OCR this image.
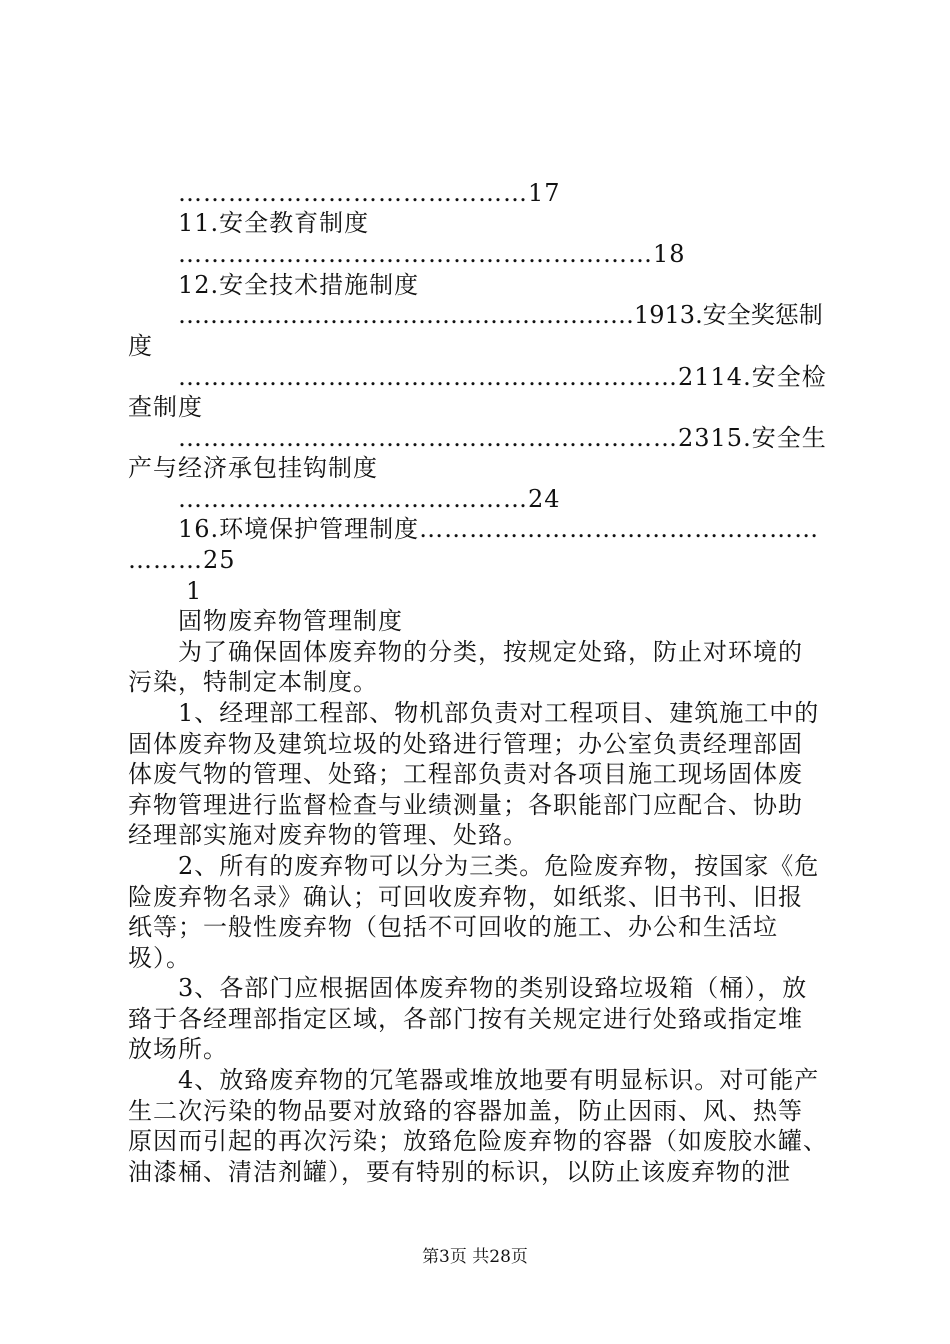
……………………………………17
11.安全教育制度
…………………………………………………18
12.安全技术措施制度
…………………………………………………1913.安全奖惩制
度
……………………………………………………2114.安全检
查制度
……………………………………………………2315.安全生
产与经济承包挂钩制度
……………………………………24
16.环境保护管理制度…………………………………………
………25
1
固物废弃物管理制度
为了确保固体废弃物的分类，按规定处臵，防止对环境的
污染，特制定本制度。
1、经理部工程部、物机部负责对工程项目、建筑施工中的
固体废弃物及建筑垃圾的处臵进行管理；办公室负责经理部固
体废气物的管理、处臵；工程部负责对各项目施工现场固体废
弃物管理进行监督检查与业绩测量；各职能部门应配合、协助
经理部实施对废弃物的管理、处臵。
2、所有的废弃物可以分为三类。危险废弃物，按国家《危
险废弃物名录》确认；可回收废弃物，如纸浆、旧书刊、旧报
纸等；一般性废弃物（包括不可回收的施工、办公和生活垃
圾）。
3、各部门应根据固体废弃物的类别设臵垃圾箱（桶），放
臵于各经理部指定区域，各部门按有关规定进行处臵或指定堆
放场所。
4、放臵废弃物的冗笔器或堆放地要有明显标识。对可能产
生二次污染的物品要对放臵的容器加盖，防止因雨、风、热等
原因而引起的再次污染；放臵危险废弃物的容器（如废胶水罐、
油漆桶、清洁剂罐），要有特别的标识，以防止该废弃物的泄
第3页 共28页
